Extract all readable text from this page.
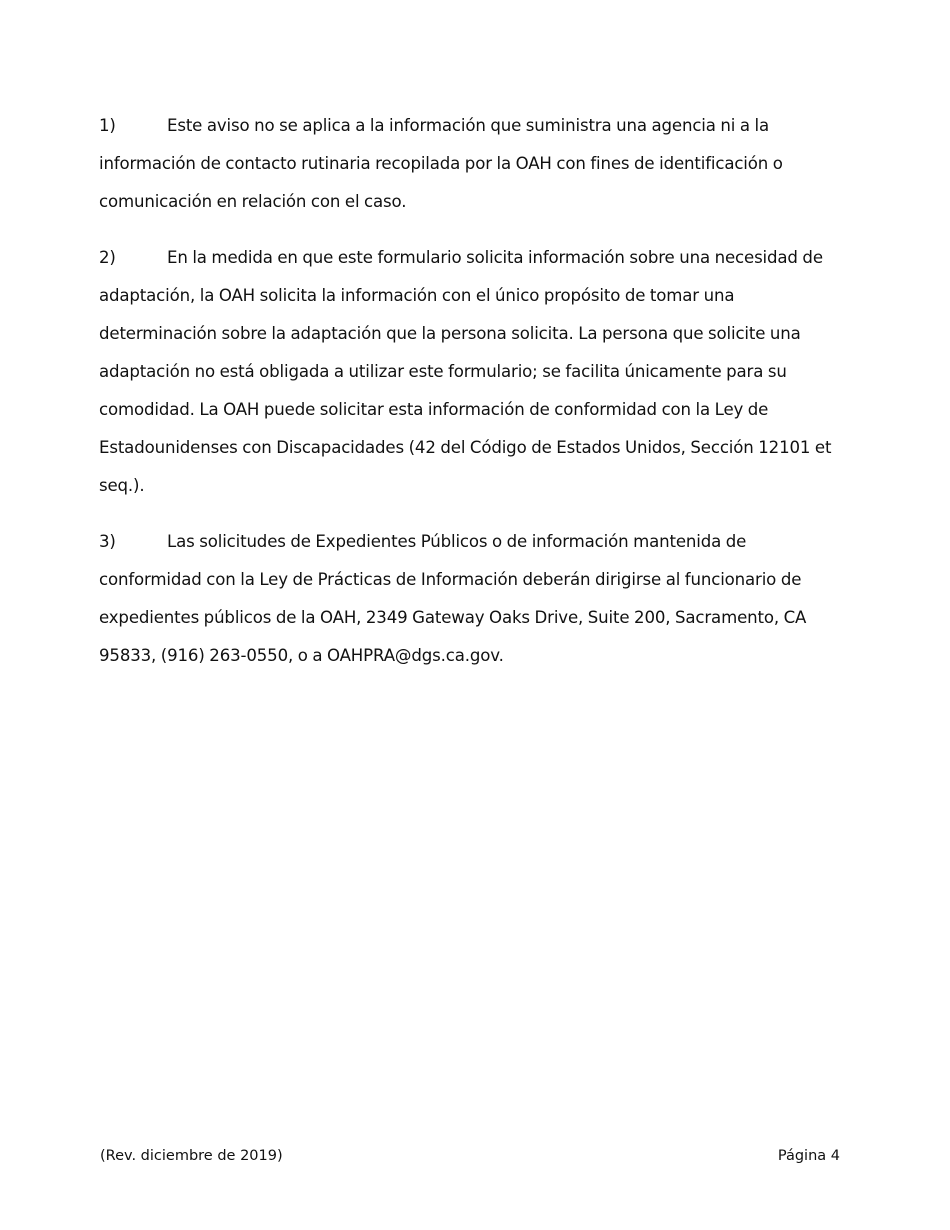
1)	Este aviso no se aplica a la información que suministra una agencia ni a la información de contacto rutinaria recopilada por la OAH con fines de identificación o comunicación en relación con el caso.

2)	En la medida en que este formulario solicita información sobre una necesidad de adaptación, la OAH solicita la información con el único propósito de tomar una determinación sobre la adaptación que la persona solicita. La persona que solicite una adaptación no está obligada a utilizar este formulario; se facilita únicamente para su comodidad. La OAH puede solicitar esta información de conformidad con la Ley de Estadounidenses con Discapacidades (42 del Código de Estados Unidos, Sección 12101 et seq.).

3)	Las solicitudes de Expedientes Públicos o de información mantenida de conformidad con la Ley de Prácticas de Información deberán dirigirse al funcionario de expedientes públicos de la OAH, 2349 Gateway Oaks Drive, Suite 200, Sacramento, CA 95833, (916) 263-0550, o a OAHPRA@dgs.ca.gov.

(Rev. diciembre de 2019)	Página 4
